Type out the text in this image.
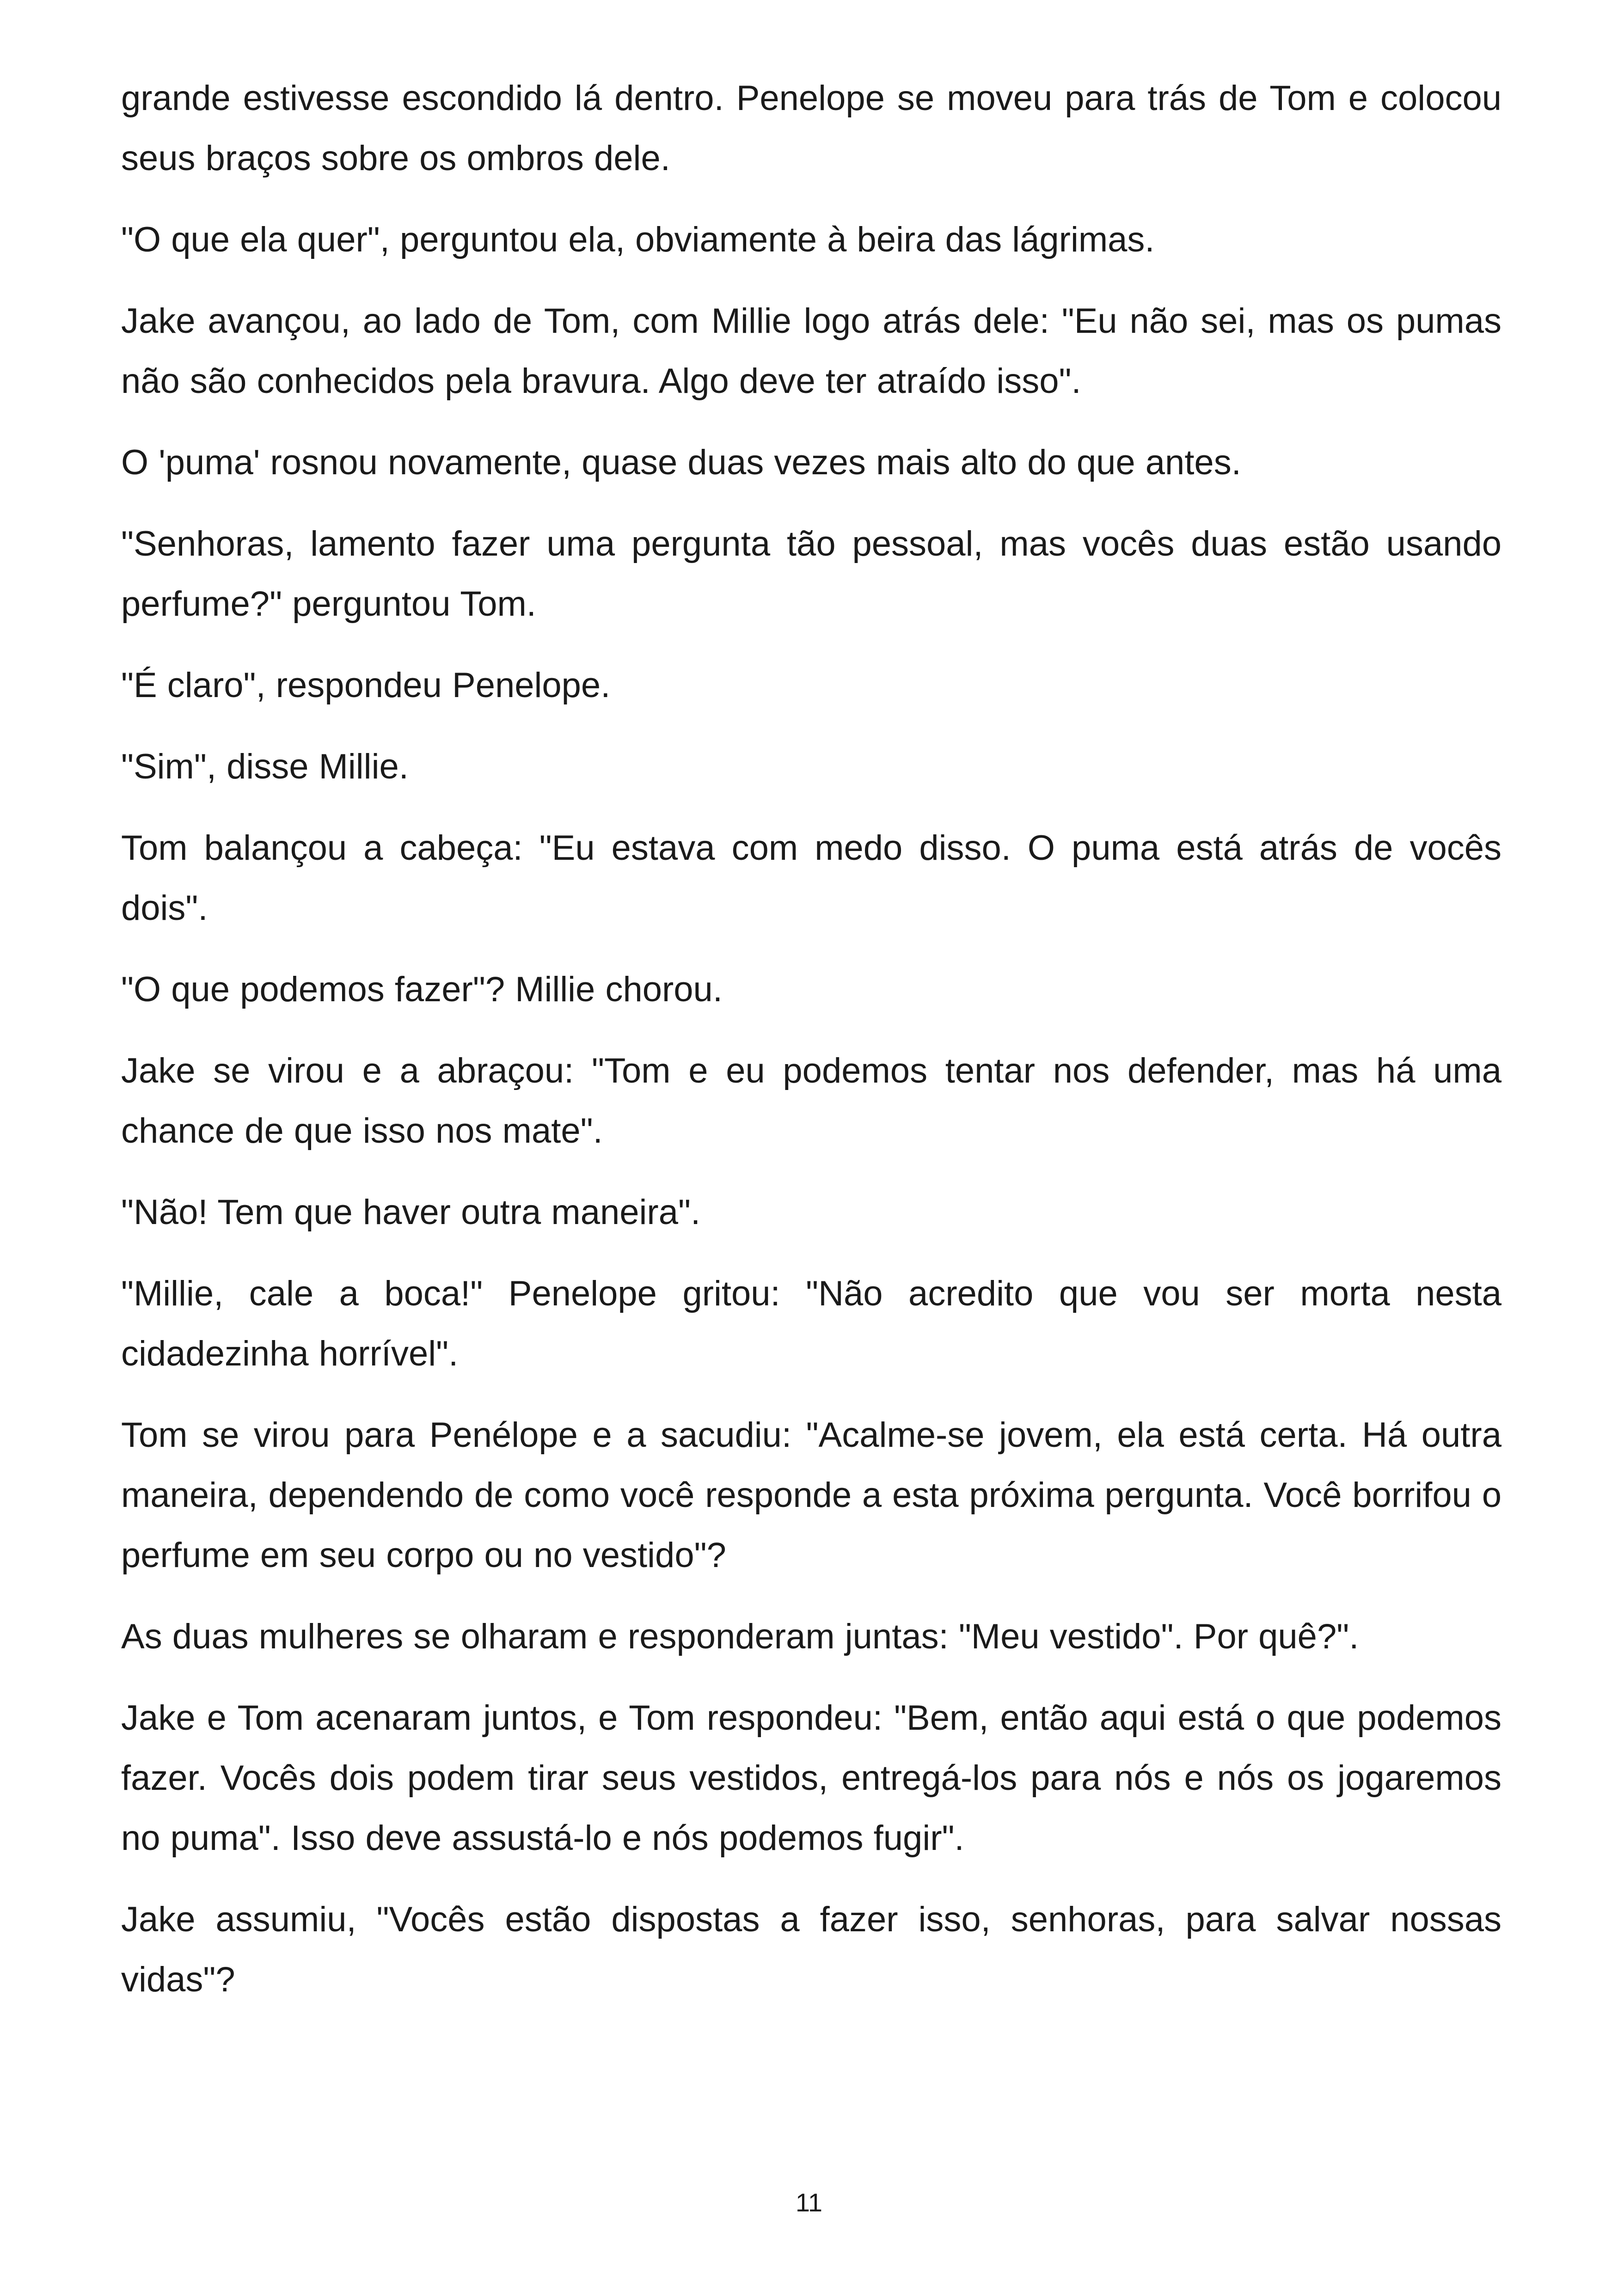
grande estivesse escondido lá dentro. Penelope se moveu para trás de Tom e colocou seus braços sobre os ombros dele.

"O que ela quer", perguntou ela, obviamente à beira das lágrimas.

Jake avançou, ao lado de Tom, com Millie logo atrás dele: "Eu não sei, mas os pumas não são conhecidos pela bravura. Algo deve ter atraído isso".

O 'puma' rosnou novamente, quase duas vezes mais alto do que antes.

"Senhoras, lamento fazer uma pergunta tão pessoal, mas vocês duas estão usando perfume?" perguntou Tom.

"É claro", respondeu Penelope.

"Sim", disse Millie.

Tom balançou a cabeça: "Eu estava com medo disso. O puma está atrás de vocês dois".

"O que podemos fazer"? Millie chorou.

Jake se virou e a abraçou: "Tom e eu podemos tentar nos defender, mas há uma chance de que isso nos mate".

"Não! Tem que haver outra maneira".

"Millie, cale a boca!" Penelope gritou: "Não acredito que vou ser morta nesta cidadezinha horrível".

Tom se virou para Penélope e a sacudiu: "Acalme-se jovem, ela está certa. Há outra maneira, dependendo de como você responde a esta próxima pergunta. Você borrifou o perfume em seu corpo ou no vestido"?

As duas mulheres se olharam e responderam juntas: "Meu vestido". Por quê?".

Jake e Tom acenaram juntos, e Tom respondeu: "Bem, então aqui está o que podemos fazer. Vocês dois podem tirar seus vestidos, entregá-los para nós e nós os jogaremos no puma". Isso deve assustá-lo e nós podemos fugir".

Jake assumiu, "Vocês estão dispostas a fazer isso, senhoras, para salvar nossas vidas"?

11
